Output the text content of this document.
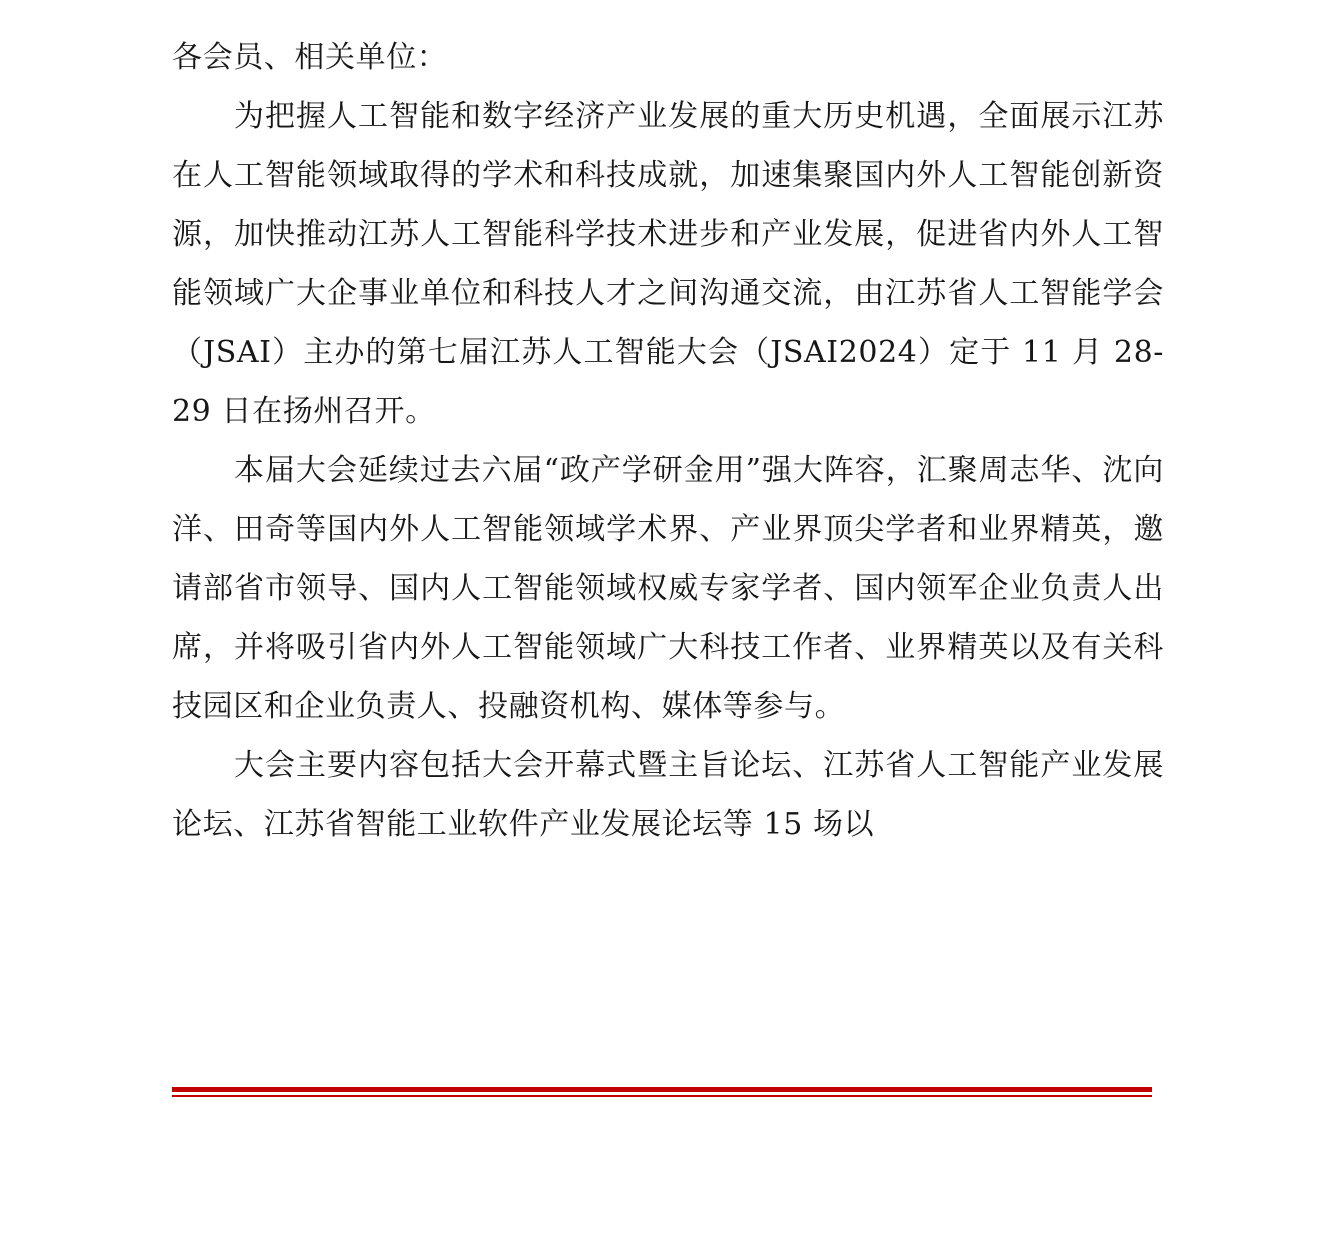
各会员、相关单位：

为把握人工智能和数字经济产业发展的重大历史机遇，全面展示江苏在人工智能领域取得的学术和科技成就，加速集聚国内外人工智能创新资源，加快推动江苏人工智能科学技术进步和产业发展，促进省内外人工智能领域广大企事业单位和科技人才之间沟通交流，由江苏省人工智能学会（JSAI）主办的第七届江苏人工智能大会（JSAI2024）定于 11 月 28-29 日在扬州召开。

本届大会延续过去六届“政产学研金用”强大阵容，汇聚周志华、沈向洋、田奇等国内外人工智能领域学术界、产业界顶尖学者和业界精英，邀请部省市领导、国内人工智能领域权威专家学者、国内领军企业负责人出席，并将吸引省内外人工智能领域广大科技工作者、业界精英以及有关科技园区和企业负责人、投融资机构、媒体等参与。

大会主要内容包括大会开幕式暨主旨论坛、江苏省人工智能产业发展论坛、江苏省智能工业软件产业发展论坛等 15 场以
